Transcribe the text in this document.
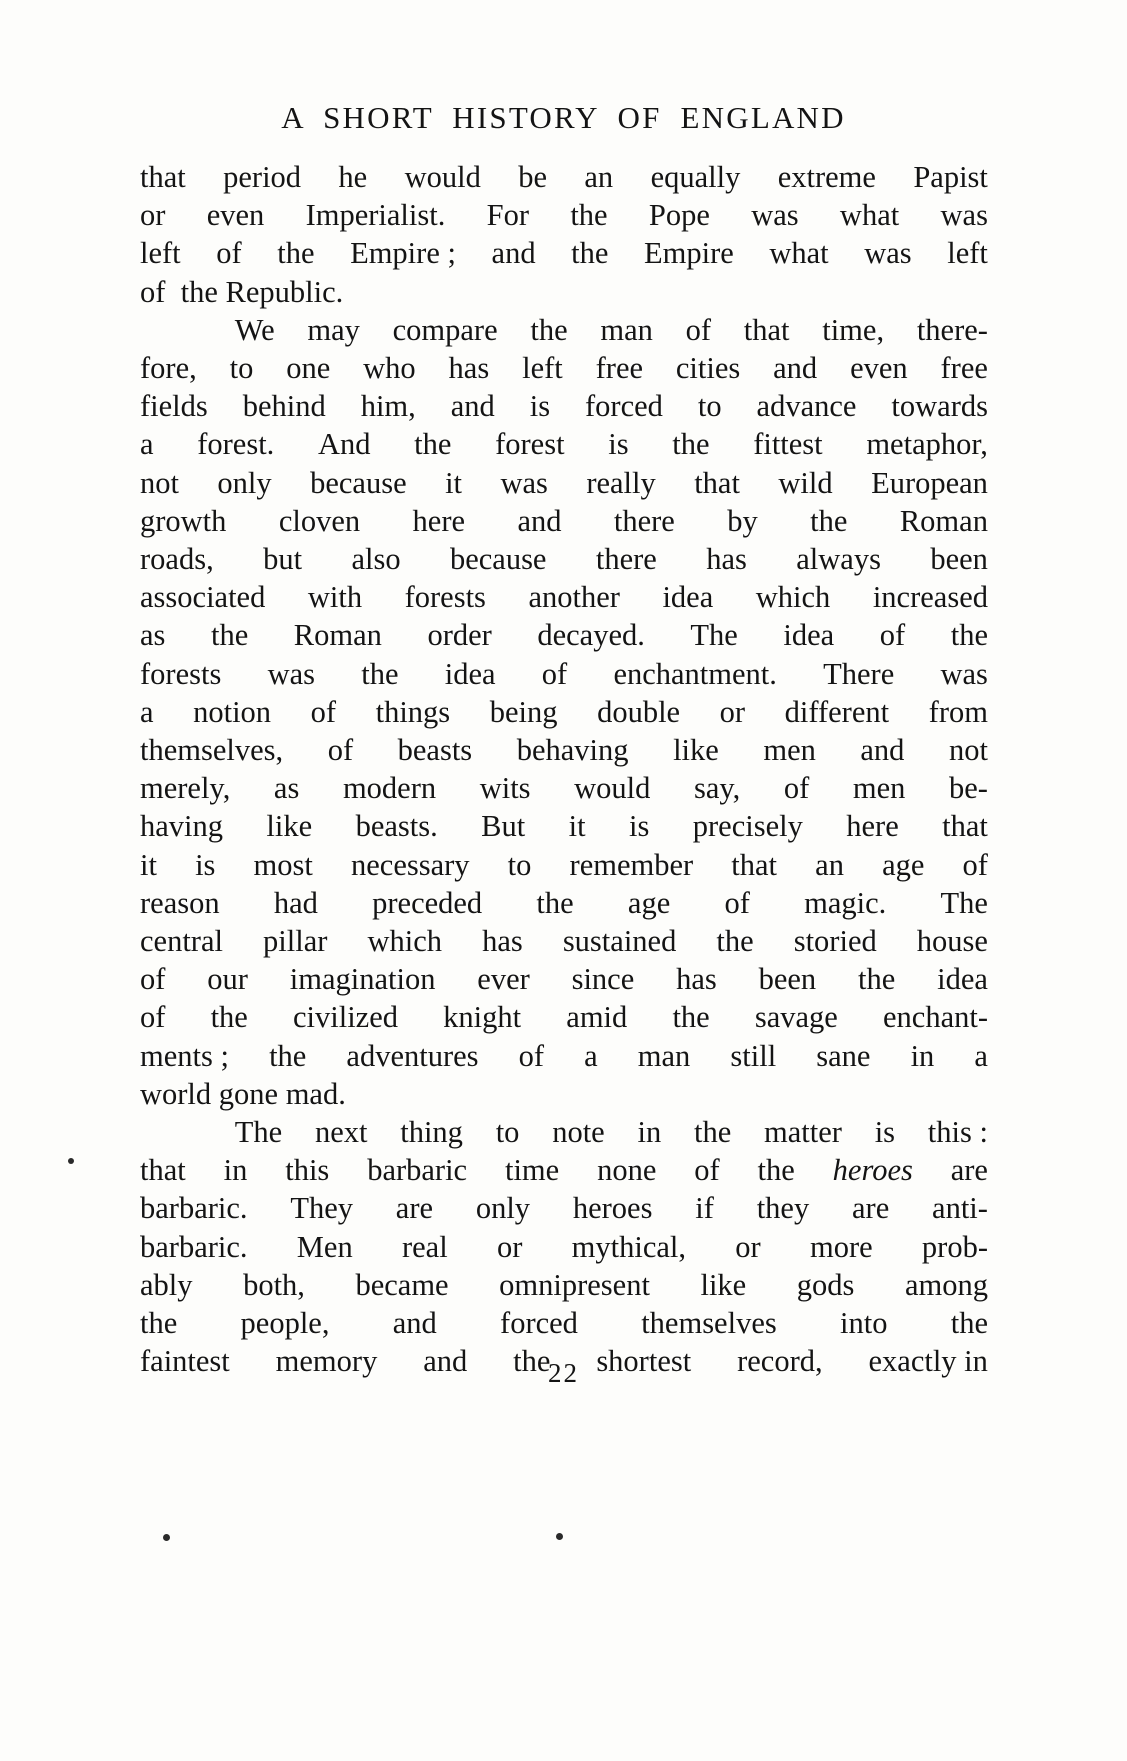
A SHORT HISTORY OF ENGLAND

that period he would be an equally extreme Papist
or even Imperialist. For the Pope was what was
left of the Empire ; and the Empire what was left
of  the Republic.

We may compare the man of that time, there-
fore, to one who has left free cities and even free
fields behind him, and is forced to advance towards
a forest. And the forest is the fittest metaphor,
not only because it was really that wild European
growth cloven here and there by the Roman
roads, but also because there has always been
associated with forests another idea which increased
as the Roman order decayed. The idea of the
forests was the idea of enchantment. There was
a notion of things being double or different from
themselves, of beasts behaving like men and not
merely, as modern wits would say, of men be-
having like beasts. But it is precisely here that
it is most necessary to remember that an age of
reason had preceded the age of magic. The
central pillar which has sustained the storied house
of our imagination ever since has been the idea
of the civilized knight amid the savage enchant-
ments ; the adventures of a man still sane in a
world gone mad.

The next thing to note in the matter is this :
that in this barbaric time none of the heroes are
barbaric. They are only heroes if they are anti-
barbaric. Men real or mythical, or more prob-
ably both, became omnipresent like gods among
the people, and forced themselves into the
faintest memory and the shortest record, exactly in

22
